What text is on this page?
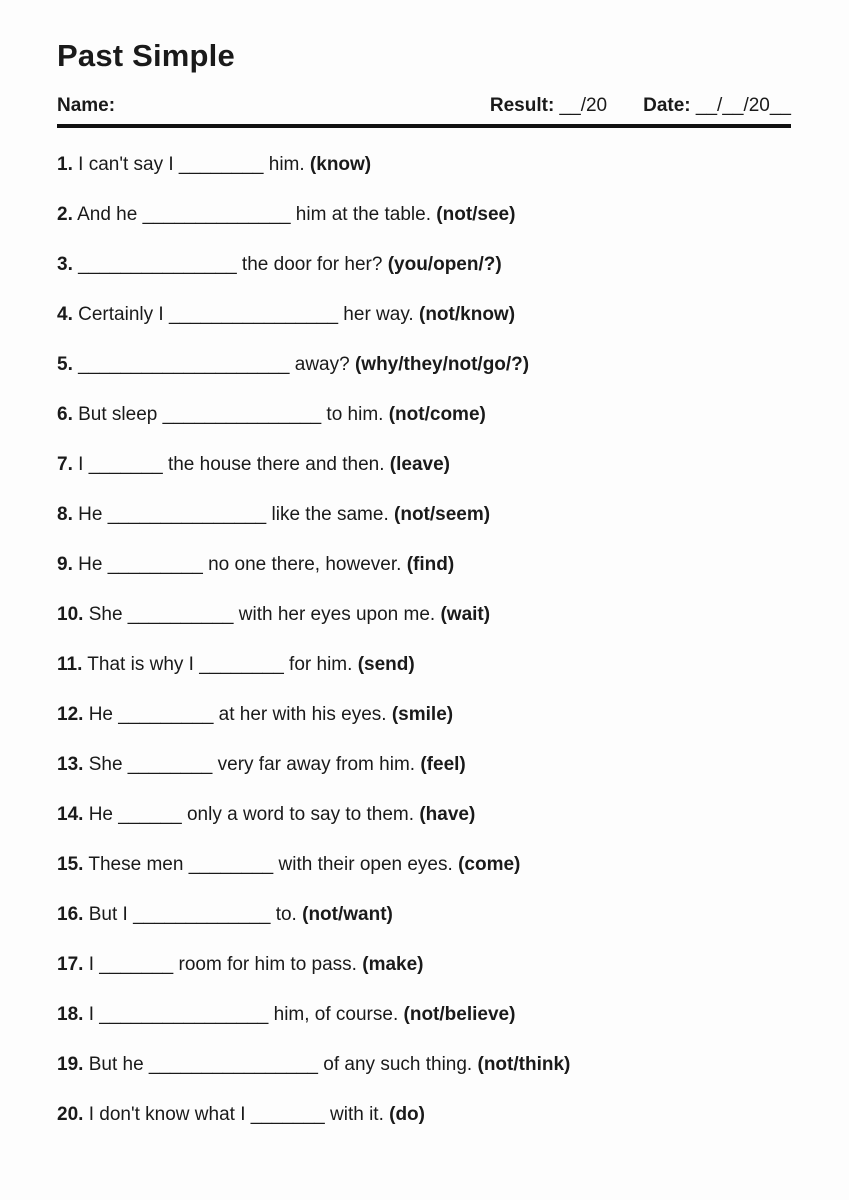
Past Simple
Name:	Result: __/20 Date: __/__/20__
1. I can't say I ________ him. (know)
2. And he ______________ him at the table. (not/see)
3. _______________ the door for her? (you/open/?)
4. Certainly I ________________ her way. (not/know)
5. ____________________ away? (why/they/not/go/?)
6. But sleep _______________ to him. (not/come)
7. I _______ the house there and then. (leave)
8. He _______________ like the same. (not/seem)
9. He _________ no one there, however. (find)
10. She __________ with her eyes upon me. (wait)
11. That is why I ________ for him. (send)
12. He _________ at her with his eyes. (smile)
13. She ________ very far away from him. (feel)
14. He ______ only a word to say to them. (have)
15. These men ________ with their open eyes. (come)
16. But I _____________ to. (not/want)
17. I _______ room for him to pass. (make)
18. I ________________ him, of course. (not/believe)
19. But he ________________ of any such thing. (not/think)
20. I don't know what I _______ with it. (do)
